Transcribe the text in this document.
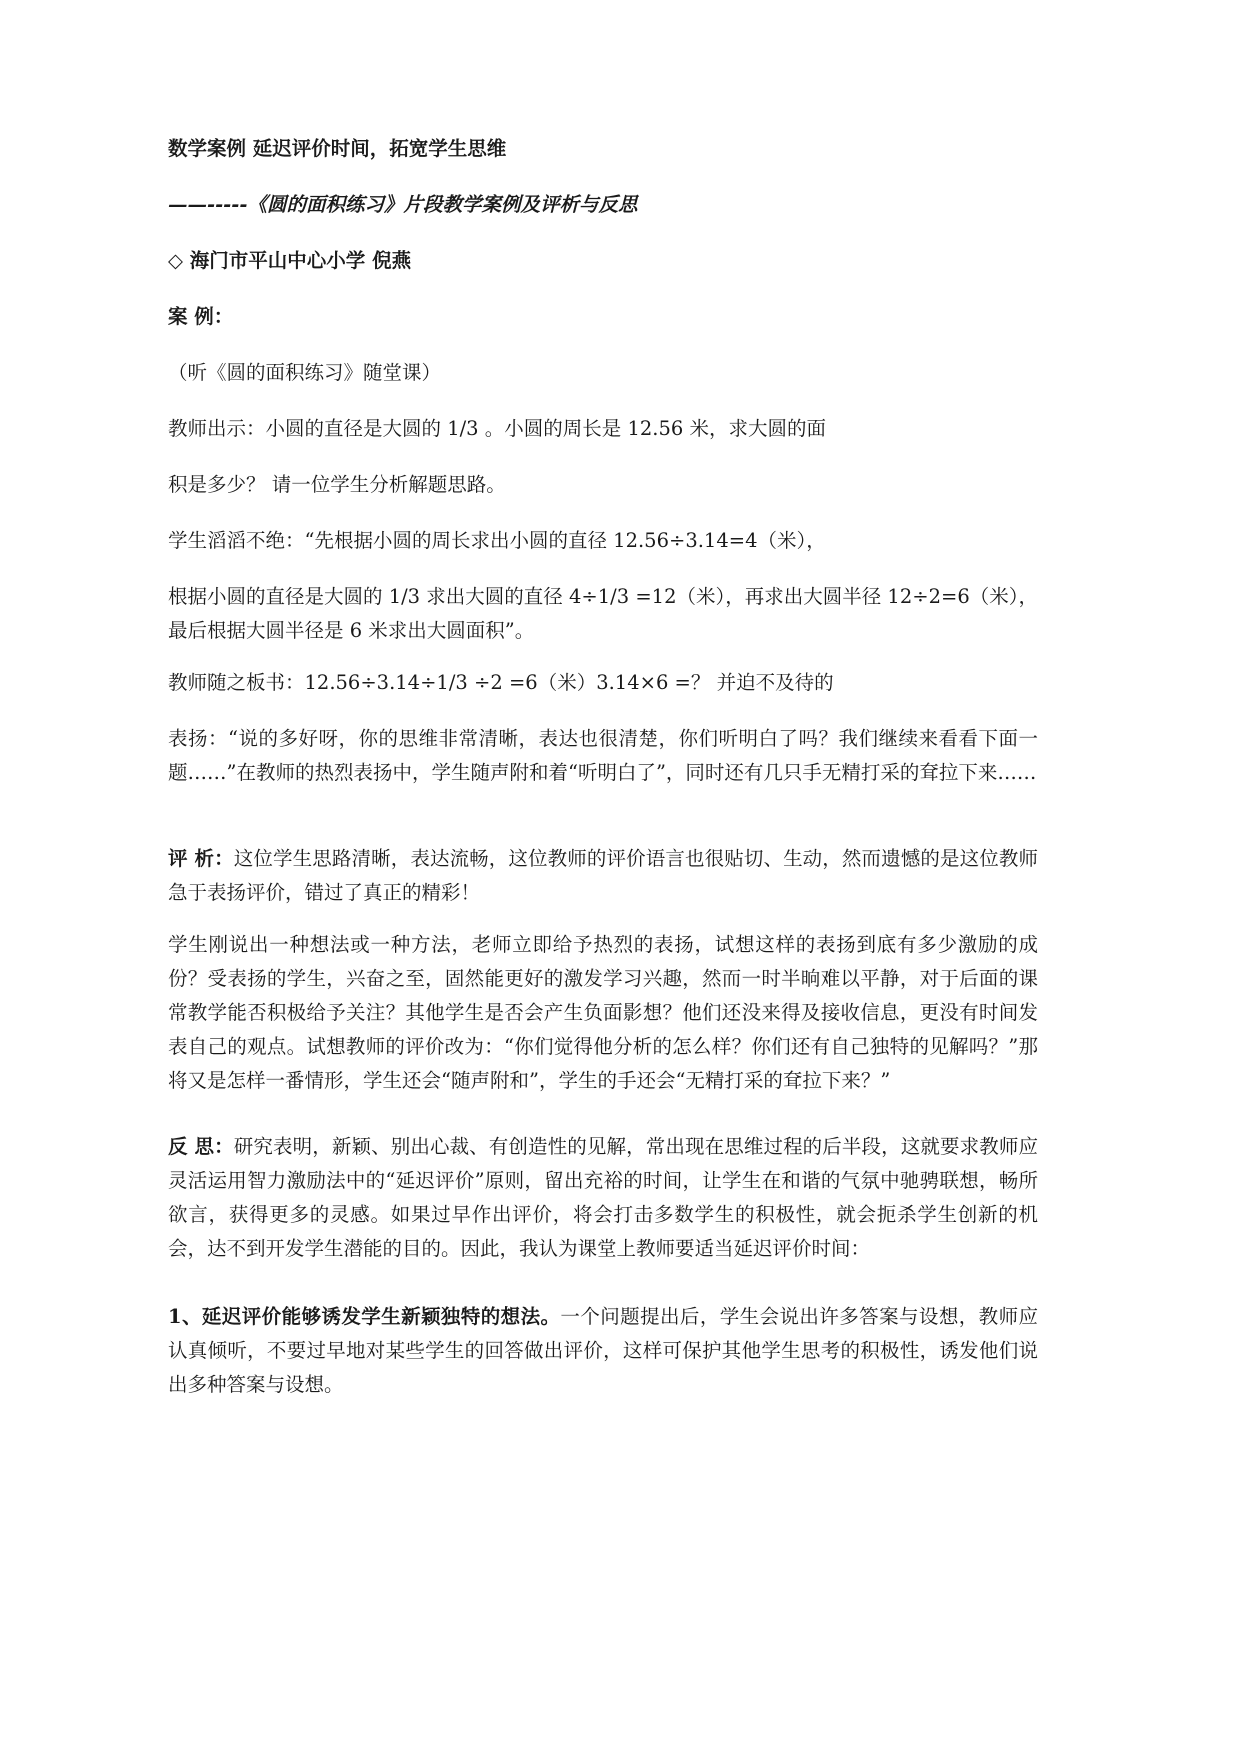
数学案例 延迟评价时间，拓宽学生思维

——-----《圆的面积练习》片段教学案例及评析与反思

◇ 海门市平山中心小学 倪燕

案 例：

（听《圆的面积练习》随堂课）

教师出示：小圆的直径是大圆的 1/3 。小圆的周长是 12.56 米，求大圆的面

积是多少？ 请一位学生分析解题思路。

学生滔滔不绝：“先根据小圆的周长求出小圆的直径 12.56÷3.14=4（米），

根据小圆的直径是大圆的 1/3 求出大圆的直径 4÷1/3 =12（米），再求出大圆半径 12÷2=6（米），最后根据大圆半径是 6 米求出大圆面积”。

教师随之板书：12.56÷3.14÷1/3 ÷2 =6（米）3.14×6 =？ 并迫不及待的

表扬：“说的多好呀，你的思维非常清晰，表达也很清楚，你们听明白了吗？我们继续来看看下面一题……”在教师的热烈表扬中，学生随声附和着“听明白了”，同时还有几只手无精打采的耷拉下来……

评 析：这位学生思路清晰，表达流畅，这位教师的评价语言也很贴切、生动，然而遗憾的是这位教师急于表扬评价，错过了真正的精彩！

学生刚说出一种想法或一种方法，老师立即给予热烈的表扬，试想这样的表扬到底有多少激励的成份？受表扬的学生，兴奋之至，固然能更好的激发学习兴趣，然而一时半晌难以平静，对于后面的课常教学能否积极给予关注？其他学生是否会产生负面影想？他们还没来得及接收信息，更没有时间发表自己的观点。试想教师的评价改为：“你们觉得他分析的怎么样？你们还有自己独特的见解吗？”那将又是怎样一番情形，学生还会“随声附和”，学生的手还会“无精打采的耷拉下来？”

反 思：研究表明，新颖、别出心裁、有创造性的见解，常出现在思维过程的后半段，这就要求教师应灵活运用智力激励法中的“延迟评价”原则，留出充裕的时间，让学生在和谐的气氛中驰骋联想，畅所欲言，获得更多的灵感。如果过早作出评价，将会打击多数学生的积极性，就会扼杀学生创新的机会，达不到开发学生潜能的目的。因此，我认为课堂上教师要适当延迟评价时间：

1、延迟评价能够诱发学生新颖独特的想法。一个问题提出后，学生会说出许多答案与设想，教师应认真倾听，不要过早地对某些学生的回答做出评价，这样可保护其他学生思考的积极性，诱发他们说出多种答案与设想。
